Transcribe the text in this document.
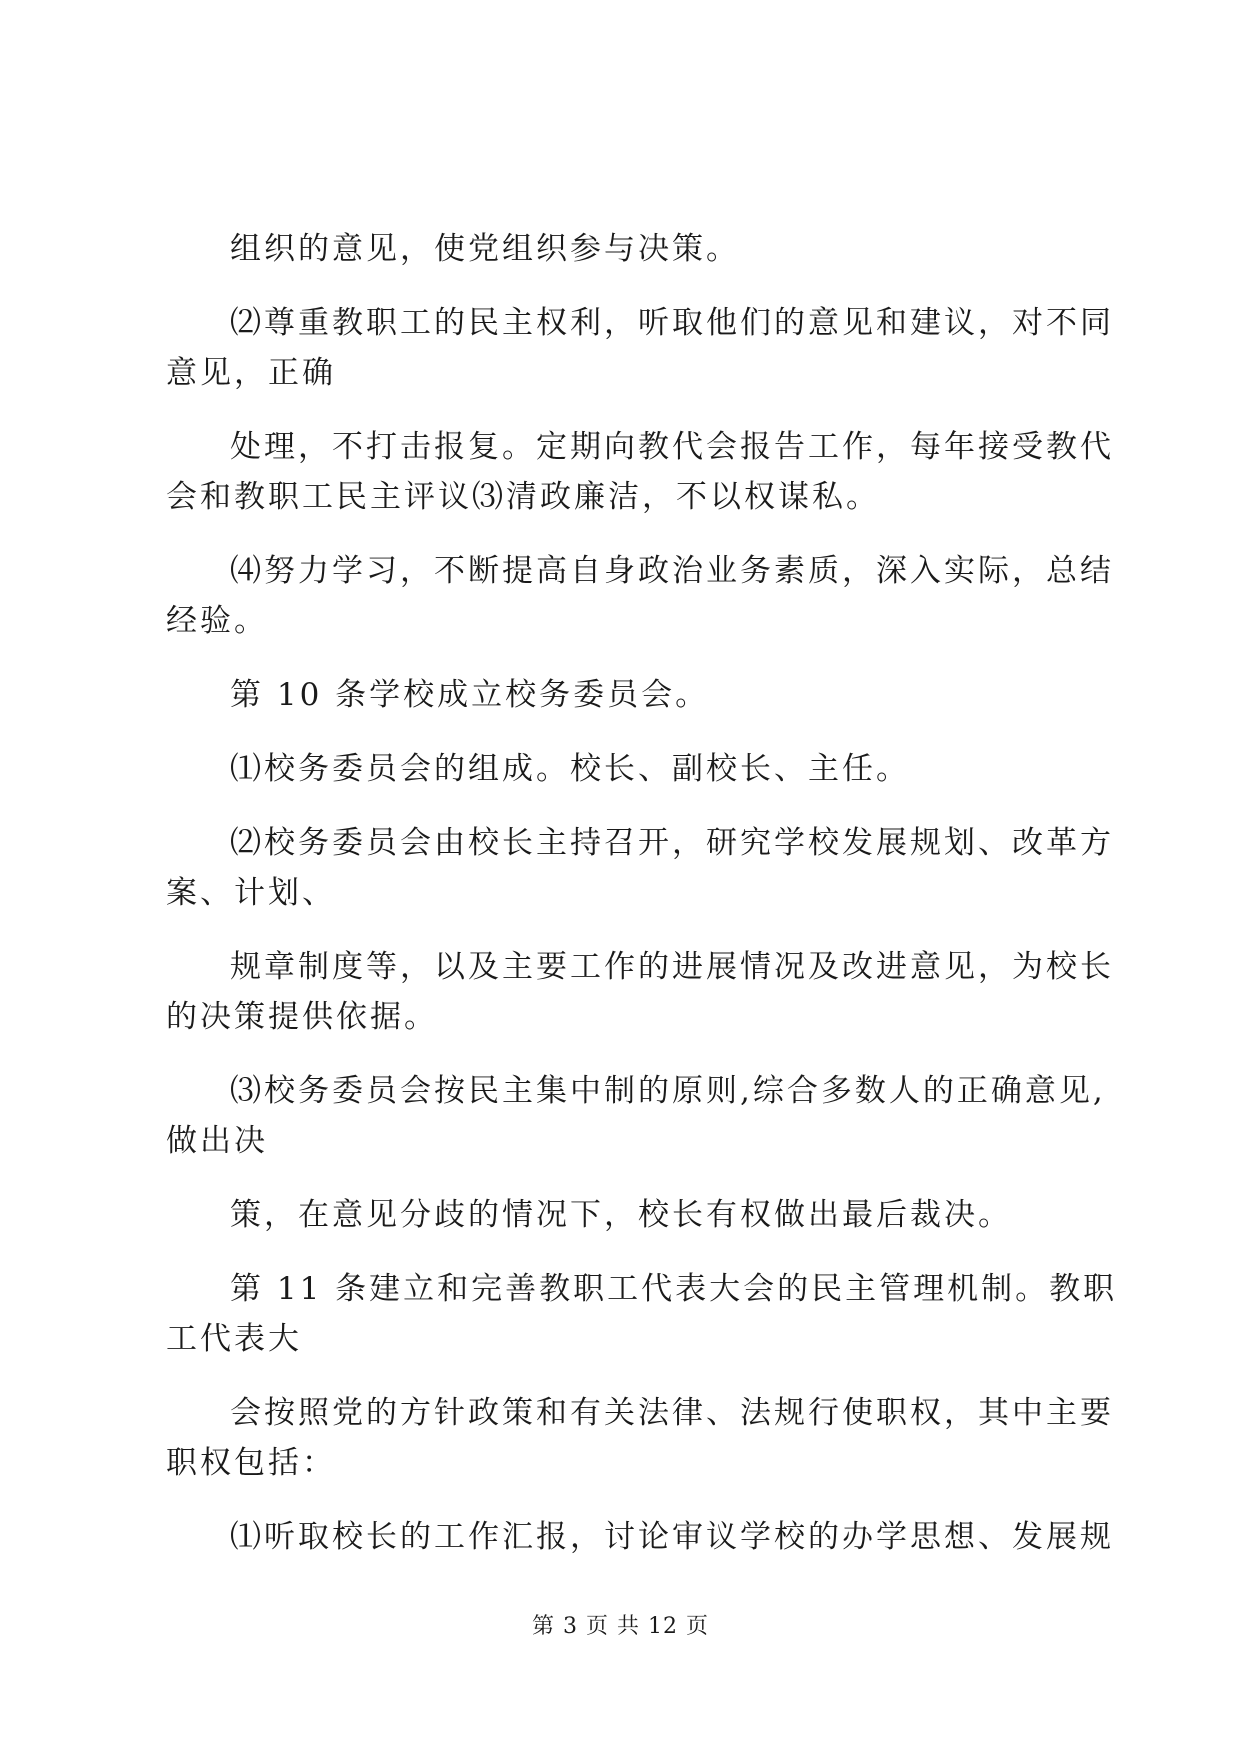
组织的意见，使党组织参与决策。
⑵尊重教职工的民主权利，听取他们的意见和建议，对不同
意见，正确
处理，不打击报复。定期向教代会报告工作，每年接受教代
会和教职工民主评议⑶清政廉洁，不以权谋私。
⑷努力学习，不断提高自身政治业务素质，深入实际，总结
经验。
第 10 条学校成立校务委员会。
⑴校务委员会的组成。校长、副校长、主任。
⑵校务委员会由校长主持召开，研究学校发展规划、改革方
案、计划、
规章制度等，以及主要工作的进展情况及改进意见，为校长
的决策提供依据。
⑶校务委员会按民主集中制的原则,综合多数人的正确意见,
做出决
策，在意见分歧的情况下，校长有权做出最后裁决。
第 11 条建立和完善教职工代表大会的民主管理机制。教职
工代表大
会按照党的方针政策和有关法律、法规行使职权，其中主要
职权包括：
⑴听取校长的工作汇报，讨论审议学校的办学思想、发展规
第 3 页 共 12 页
